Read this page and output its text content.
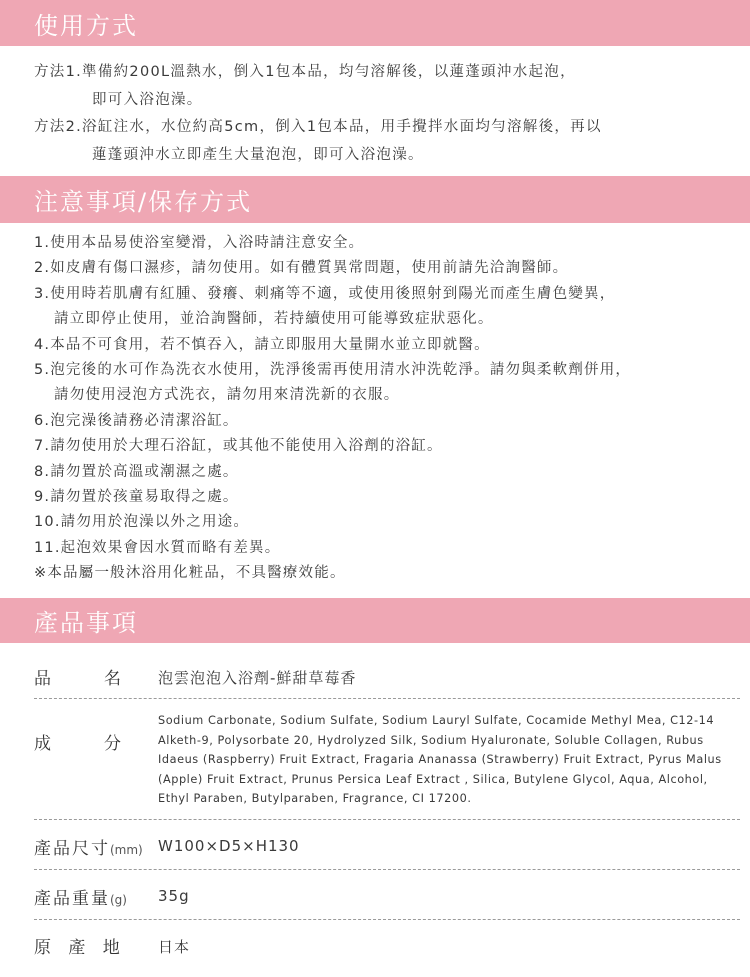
使用方式
方法1.準備約200L溫熱水，倒入1包本品，均勻溶解後，以蓮蓬頭沖水起泡，
即可入浴泡澡。
方法2.浴缸注水，水位約高5cm，倒入1包本品，用手攪拌水面均勻溶解後，再以
蓮蓬頭沖水立即產生大量泡泡，即可入浴泡澡。
注意事項/保存方式
1.使用本品易使浴室變滑，入浴時請注意安全。
2.如皮膚有傷口濕疹，請勿使用。如有體質異常問題，使用前請先洽詢醫師。
3.使用時若肌膚有紅腫、發癢、刺痛等不適，或使用後照射到陽光而產生膚色變異，
請立即停止使用，並洽詢醫師，若持續使用可能導致症狀惡化。
4.本品不可食用，若不慎吞入，請立即服用大量開水並立即就醫。
5.泡完後的水可作為洗衣水使用，洗淨後需再使用清水沖洗乾淨。請勿與柔軟劑併用，
請勿使用浸泡方式洗衣，請勿用來清洗新的衣服。
6.泡完澡後請務必清潔浴缸。
7.請勿使用於大理石浴缸，或其他不能使用入浴劑的浴缸。
8.請勿置於高溫或潮濕之處。
9.請勿置於孩童易取得之處。
10.請勿用於泡澡以外之用途。
11.起泡效果會因水質而略有差異。
※本品屬一般沐浴用化粧品，不具醫療效能。
產品事項
品　名 泡雲泡泡入浴劑-鮮甜草莓香
成　分
Sodium Carbonate, Sodium Sulfate, Sodium Lauryl Sulfate, Cocamide Methyl Mea, C12-14 Alketh-9, Polysorbate 20, Hydrolyzed Silk, Sodium Hyaluronate, Soluble Collagen, Rubus Idaeus (Raspberry) Fruit Extract, Fragaria Ananassa (Strawberry) Fruit Extract, Pyrus Malus (Apple) Fruit Extract, Prunus Persica Leaf Extract , Silica, Butylene Glycol, Aqua, Alcohol, Ethyl Paraben, Butylparaben, Fragrance, CI 17200.
產品尺寸(mm) W100×D5×H130
產品重量(g) 35g
原 產 地 日本
